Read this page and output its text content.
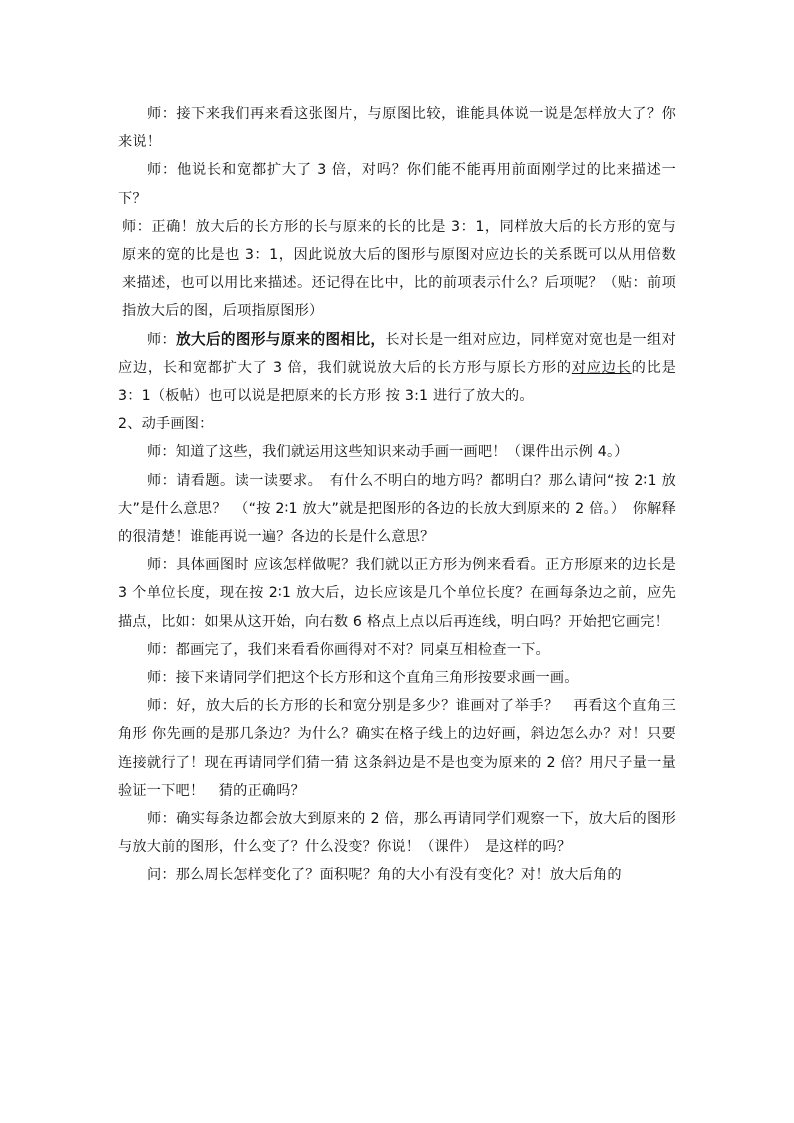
师：接下来我们再来看这张图片，与原图比较，谁能具体说一说是怎样放大了？你来说！

师：他说长和宽都扩大了 3 倍，对吗？你们能不能再用前面刚学过的比来描述一下？

师：正确！放大后的长方形的长与原来的长的比是 3：1，同样放大后的长方形的宽与原来的宽的比是也 3：1，因此说放大后的图形与原图对应边长的关系既可以从用倍数来描述，也可以用比来描述。还记得在比中，比的前项表示什么？后项呢？（贴：前项指放大后的图，后项指原图形）

师：放大后的图形与原来的图相比，长对长是一组对应边，同样宽对宽也是一组对应边，长和宽都扩大了 3 倍，我们就说放大后的长方形与原长方形的对应边长的比是 3：1（板帖）也可以说是把原来的长方形 按 3:1 进行了放大的。

2、动手画图：

师：知道了这些，我们就运用这些知识来动手画一画吧！（课件出示例 4。）

师：请看题。读一读要求。　有什么不明白的地方吗？都明白？那么请问“按 2∶1 放大”是什么意思？　（“按 2∶1 放大”就是把图形的各边的长放大到原来的 2 倍。）　你解释的很清楚！谁能再说一遍？各边的长是什么意思？

师：具体画图时 应该怎样做呢？我们就以正方形为例来看看。正方形原来的边长是 3 个单位长度，现在按 2∶1 放大后，边长应该是几个单位长度？在画每条边之前，应先描点，比如：如果从这开始，向右数 6 格点上点以后再连线，明白吗？开始把它画完！

师：都画完了，我们来看看你画得对不对？同桌互相检查一下。

师：接下来请同学们把这个长方形和这个直角三角形按要求画一画。

师：好，放大后的长方形的长和宽分别是多少？谁画对了举手？　再看这个直角三角形 你先画的是那几条边？为什么？确实在格子线上的边好画，斜边怎么办？对！只要连接就行了！现在再请同学们猜一猜 这条斜边是不是也变为原来的 2 倍？用尺子量一量验证一下吧！　猜的正确吗？

师：确实每条边都会放大到原来的 2 倍，那么再请同学们观察一下，放大后的图形与放大前的图形，什么变了？什么没变？你说！（课件）　是这样的吗？

问：那么周长怎样变化了？面积呢？角的大小有没有变化？对！放大后角的
